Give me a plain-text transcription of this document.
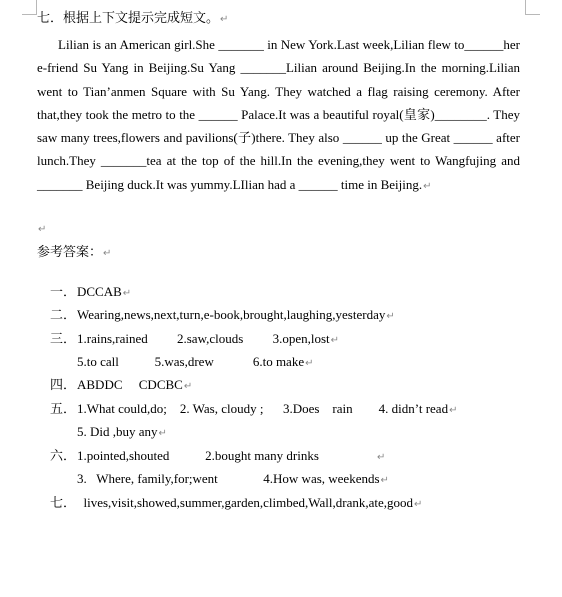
七．根据上下文提示完成短文。↵
Lilian is an American girl.She _______ in New York.Last week,Lilian flew to______her e-friend Su Yang in Beijing.Su Yang _______Lilian around Beijing.In the morning.Lilian went to Tian’anmen Square with Su Yang. They watched a flag raising ceremony. After that,they took the metro to the ______ Palace.It was a beautiful royal(皇家)________. They saw many trees,flowers and pavilions(子)there. They also ______ up the Great ______ after lunch.They _______tea at the top of the hill.In the evening,they went to Wangfujing and _______ Beijing duck.It was yummy.LIlian had a ______ time in Beijing.↵
↵
参考答案：↵

一．DCCAB↵

二．Wearing,news,next,turn,e-book,brought,laughing,yesterday↵

三．1.rains,rained         2.saw,clouds         3.open,lost↵

5.to call           5.was,drew            6.to make↵

四．ABDDC     CDCBC↵

五．1.What could,do;    2. Was, cloudy ;      3.Does    rain        4. didn’t read↵

5. Did ,buy any↵

六．1.pointed,shouted           2.bought many drinks	↵

3.   Where, family,for;went              4.How was, weekends↵

七．  lives,visit,showed,summer,garden,climbed,Wall,drank,ate,good↵
